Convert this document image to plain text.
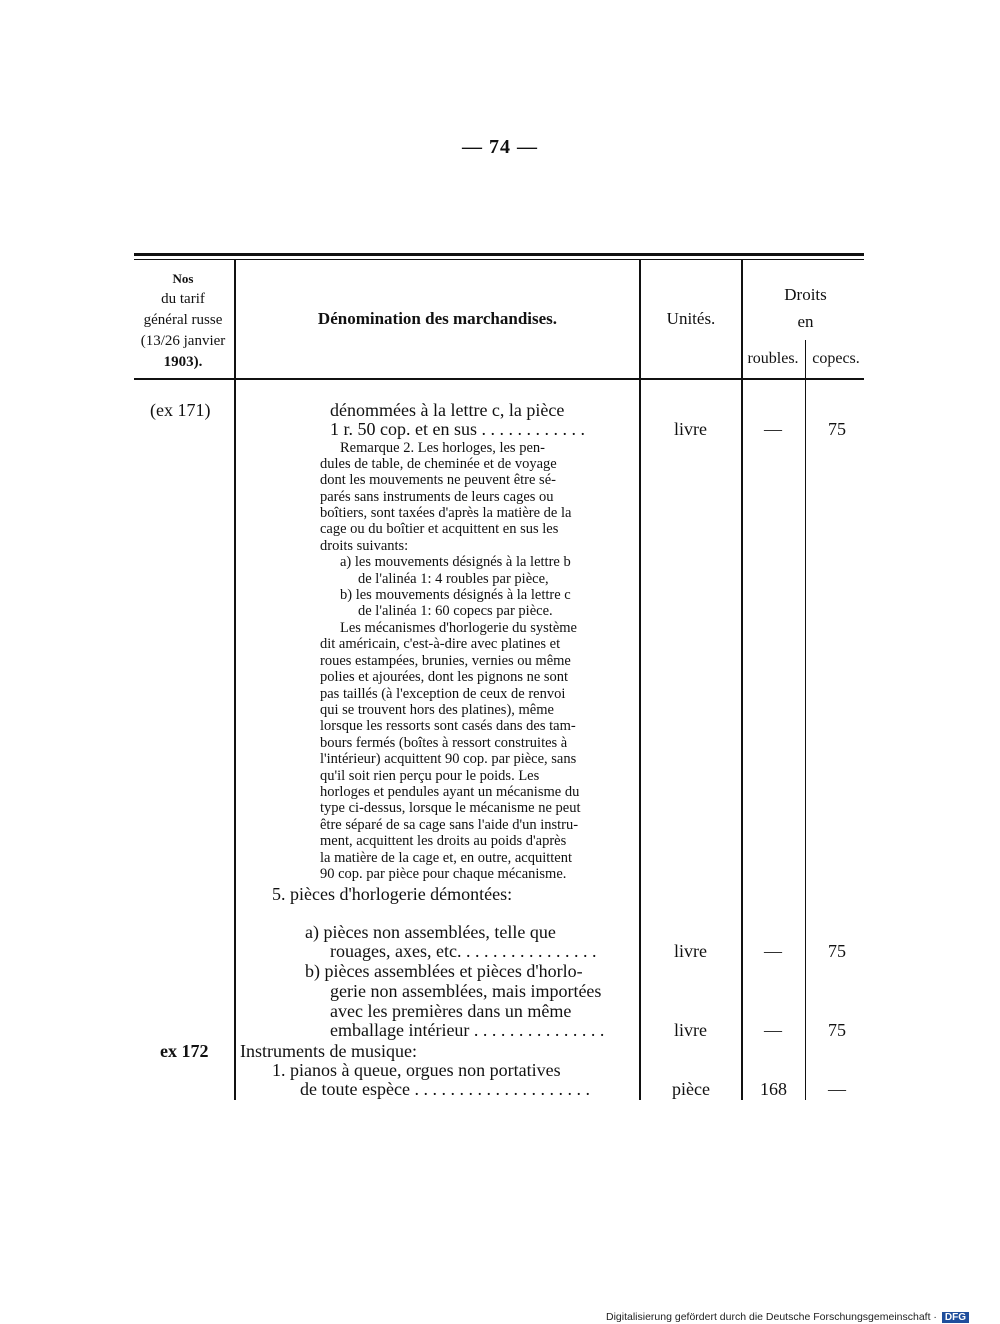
— 74 —
Nos
du tarif
général russe
(13/26 janvier
1903).
Dénomination des marchandises.	Unités.
Droits
en
roubles. copecs.
(ex 171)	dénommées à la lettre c, la pièce
1 r. 50 cop. et en sus . . . . . . . . . . . .	livre	—	75
Remarque 2. Les horloges, les pen-
dules de table, de cheminée et de voyage
dont les mouvements ne peuvent être sé-
parés sans instruments de leurs cages ou
boîtiers, sont taxées d'après la matière de la
cage ou du boîtier et acquittent en sus les
droits suivants:
a) les mouvements désignés à la lettre b
de l'alinéa 1: 4 roubles par pièce,
b) les mouvements désignés à la lettre c
de l'alinéa 1: 60 copecs par pièce.
Les mécanismes d'horlogerie du système
dit américain, c'est-à-dire avec platines et
roues estampées, brunies, vernies ou même
polies et ajourées, dont les pignons ne sont
pas taillés (à l'exception de ceux de renvoi
qui se trouvent hors des platines), même
lorsque les ressorts sont casés dans des tam-
bours fermés (boîtes à ressort construites à
l'intérieur) acquittent 90 cop. par pièce, sans
qu'il soit rien perçu pour le poids. Les
horloges et pendules ayant un mécanisme du
type ci-dessus, lorsque le mécanisme ne peut
être séparé de sa cage sans l'aide d'un instru-
ment, acquittent les droits au poids d'après
la matière de la cage et, en outre, acquittent
90 cop. par pièce pour chaque mécanisme.
5. pièces d'horlogerie démontées:
a) pièces non assemblées, telle que
rouages, axes, etc. . . . . . . . . . . . . . . .	livre	—	75
b) pièces assemblées et pièces d'horlo-
gerie non assemblées, mais importées
avec les premières dans un même
emballage intérieur . . . . . . . . . . . . . . .	livre	—	75
ex 172 Instruments de musique:
1. pianos à queue, orgues non portatives
de toute espèce . . . . . . . . . . . . . . . . . . . .	pièce	168 —
Digitalisierung gefördert durch die Deutsche Forschungsgemeinschaft · DFG
